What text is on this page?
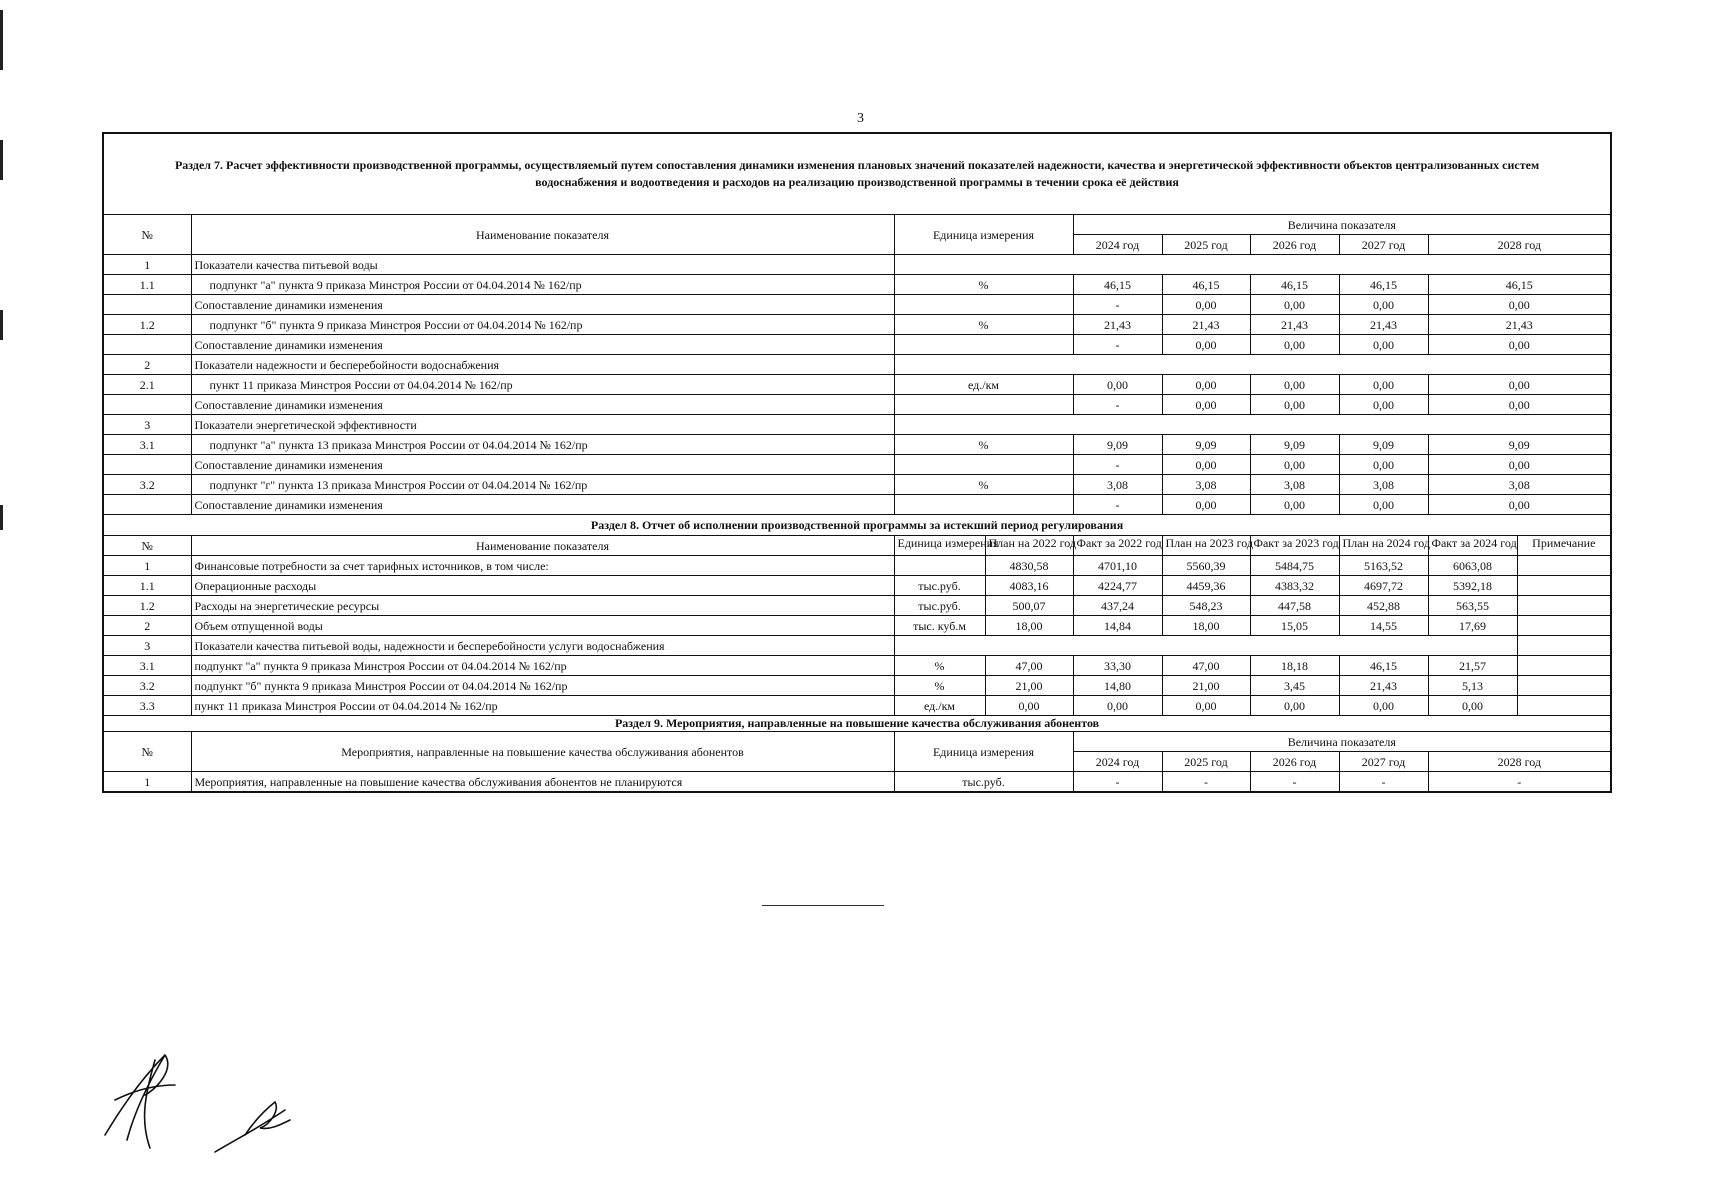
3
Раздел 7. Расчет эффективности производственной программы, осуществляемый путем сопоставления динамики изменения плановых значений показателей надежности, качества и энергетической эффективности объектов централизованных систем водоснабжения и водоотведения и расходов на реализацию производственной программы в течении срока её действия									
№	Наименование показателя	Единица измерения		Величина показателя					
				2024 год	2025 год	2026 год	2027 год	2028 год	
1	Показатели качества питьевой воды								
1.1	подпункт "а" пункта 9 приказа Минстроя России от 04.04.2014 № 162/пр	%		46,15	46,15	46,15	46,15	46,15	
	Сопоставление динамики изменения			-	0,00	0,00	0,00	0,00	
1.2	подпункт "б" пункта 9 приказа Минстроя России от 04.04.2014 № 162/пр	%		21,43	21,43	21,43	21,43	21,43	
	Сопоставление динамики изменения			-	0,00	0,00	0,00	0,00	
2	Показатели надежности и бесперебойности водоснабжения								
2.1	пункт 11 приказа Минстроя России от 04.04.2014 № 162/пр	ед./км		0,00	0,00	0,00	0,00	0,00	
	Сопоставление динамики изменения			-	0,00	0,00	0,00	0,00	
3	Показатели энергетической эффективности								
3.1	подпункт "а" пункта 13 приказа Минстроя России от 04.04.2014 № 162/пр	%		9,09	9,09	9,09	9,09	9,09	
	Сопоставление динамики изменения			-	0,00	0,00	0,00	0,00	
3.2	подпункт "г" пункта 13 приказа Минстроя России от 04.04.2014 № 162/пр	%		3,08	3,08	3,08	3,08	3,08	
	Сопоставление динамики изменения			-	0,00	0,00	0,00	0,00	
Раздел 8. Отчет об исполнении производственной программы за истекший период регулирования									
№	Наименование показателя	Единица измерения	План на 2022 год	Факт за 2022 год	План на 2023 год	Факт за 2023 год	План на 2024 год	Факт за 2024 год	Примечание
1	Финансовые потребности за счет тарифных источников, в том числе:		4830,58	4701,10	5560,39	5484,75	5163,52	6063,08	
1.1	Операционные расходы	тыс.руб.	4083,16	4224,77	4459,36	4383,32	4697,72	5392,18	
1.2	Расходы на энергетические ресурсы	тыс.руб.	500,07	437,24	548,23	447,58	452,88	563,55	
2	Объем отпущенной воды	тыс. куб.м	18,00	14,84	18,00	15,05	14,55	17,69	
3	Показатели качества питьевой воды, надежности и бесперебойности услуги водоснабжения								
3.1	подпункт "а" пункта 9 приказа Минстроя России от 04.04.2014 № 162/пр	%	47,00	33,30	47,00	18,18	46,15	21,57	
3.2	подпункт "б" пункта 9 приказа Минстроя России от 04.04.2014 № 162/пр	%	21,00	14,80	21,00	3,45	21,43	5,13	
3.3	пункт 11 приказа Минстроя России от 04.04.2014 № 162/пр	ед./км	0,00	0,00	0,00	0,00	0,00	0,00	
Раздел 9. Мероприятия, направленные на повышение качества обслуживания абонентов									
№	Мероприятия, направленные на повышение качества обслуживания абонентов	Единица измерения		Величина показателя					
				2024 год	2025 год	2026 год	2027 год	2028 год	
1	Мероприятия, направленные на повышение качества обслуживания абонентов не планируются	тыс.руб.		-	-	-	-	-	
